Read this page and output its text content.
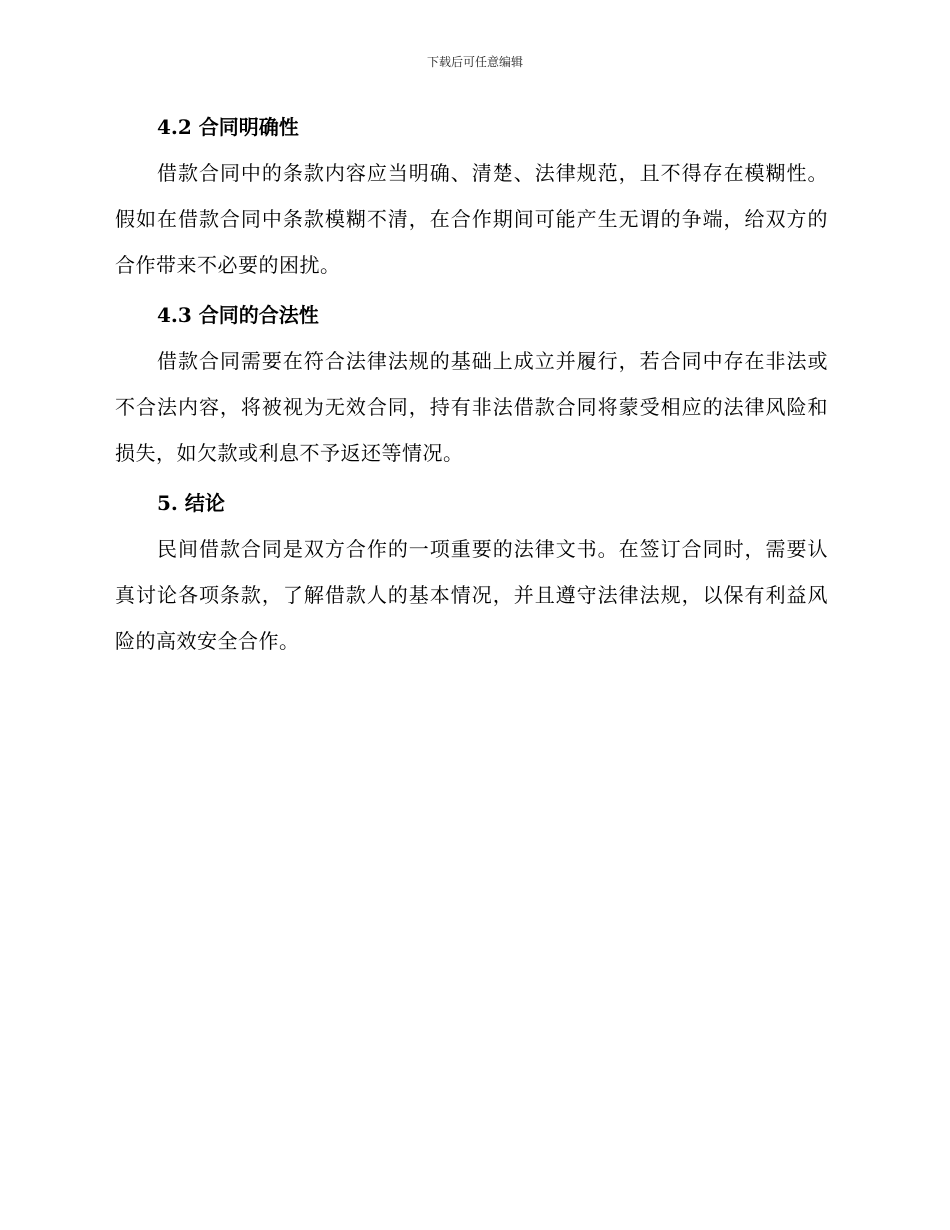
下载后可任意编辑
4.2 合同明确性

借款合同中的条款内容应当明确、清楚、法律规范，且不得存在模糊性。假如在借款合同中条款模糊不清，在合作期间可能产生无谓的争端，给双方的合作带来不必要的困扰。

4.3 合同的合法性

借款合同需要在符合法律法规的基础上成立并履行，若合同中存在非法或不合法内容，将被视为无效合同，持有非法借款合同将蒙受相应的法律风险和损失，如欠款或利息不予返还等情况。

5. 结论

民间借款合同是双方合作的一项重要的法律文书。在签订合同时，需要认真讨论各项条款，了解借款人的基本情况，并且遵守法律法规，以保有利益风险的高效安全合作。
